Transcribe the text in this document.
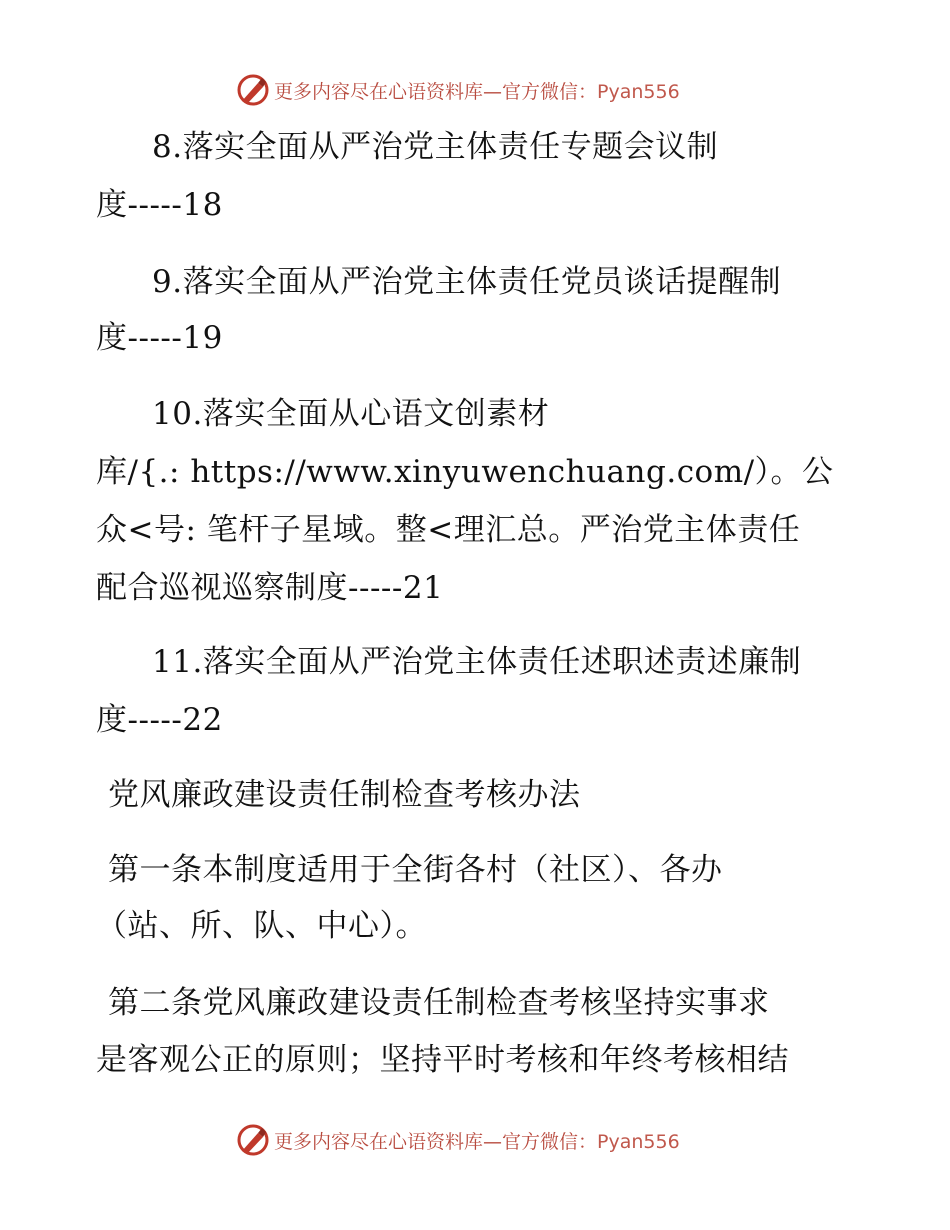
更多内容尽在心语资料库—官方微信：Pyan556
8.落实全面从严治党主体责任专题会议制
度-----18
9.落实全面从严治党主体责任党员谈话提醒制
度-----19
10.落实全面从心语文创素材
库/{.: https://www.xinyuwenchuang.com/）。公
众<号: 笔杆子星域。整<理汇总。严治党主体责任
配合巡视巡察制度-----21
11.落实全面从严治党主体责任述职述责述廉制
度-----22
党风廉政建设责任制检查考核办法
第一条本制度适用于全街各村（社区）、各办
（站、所、队、中心）。
第二条党风廉政建设责任制检查考核坚持实事求
是客观公正的原则；坚持平时考核和年终考核相结
更多内容尽在心语资料库—官方微信：Pyan556
